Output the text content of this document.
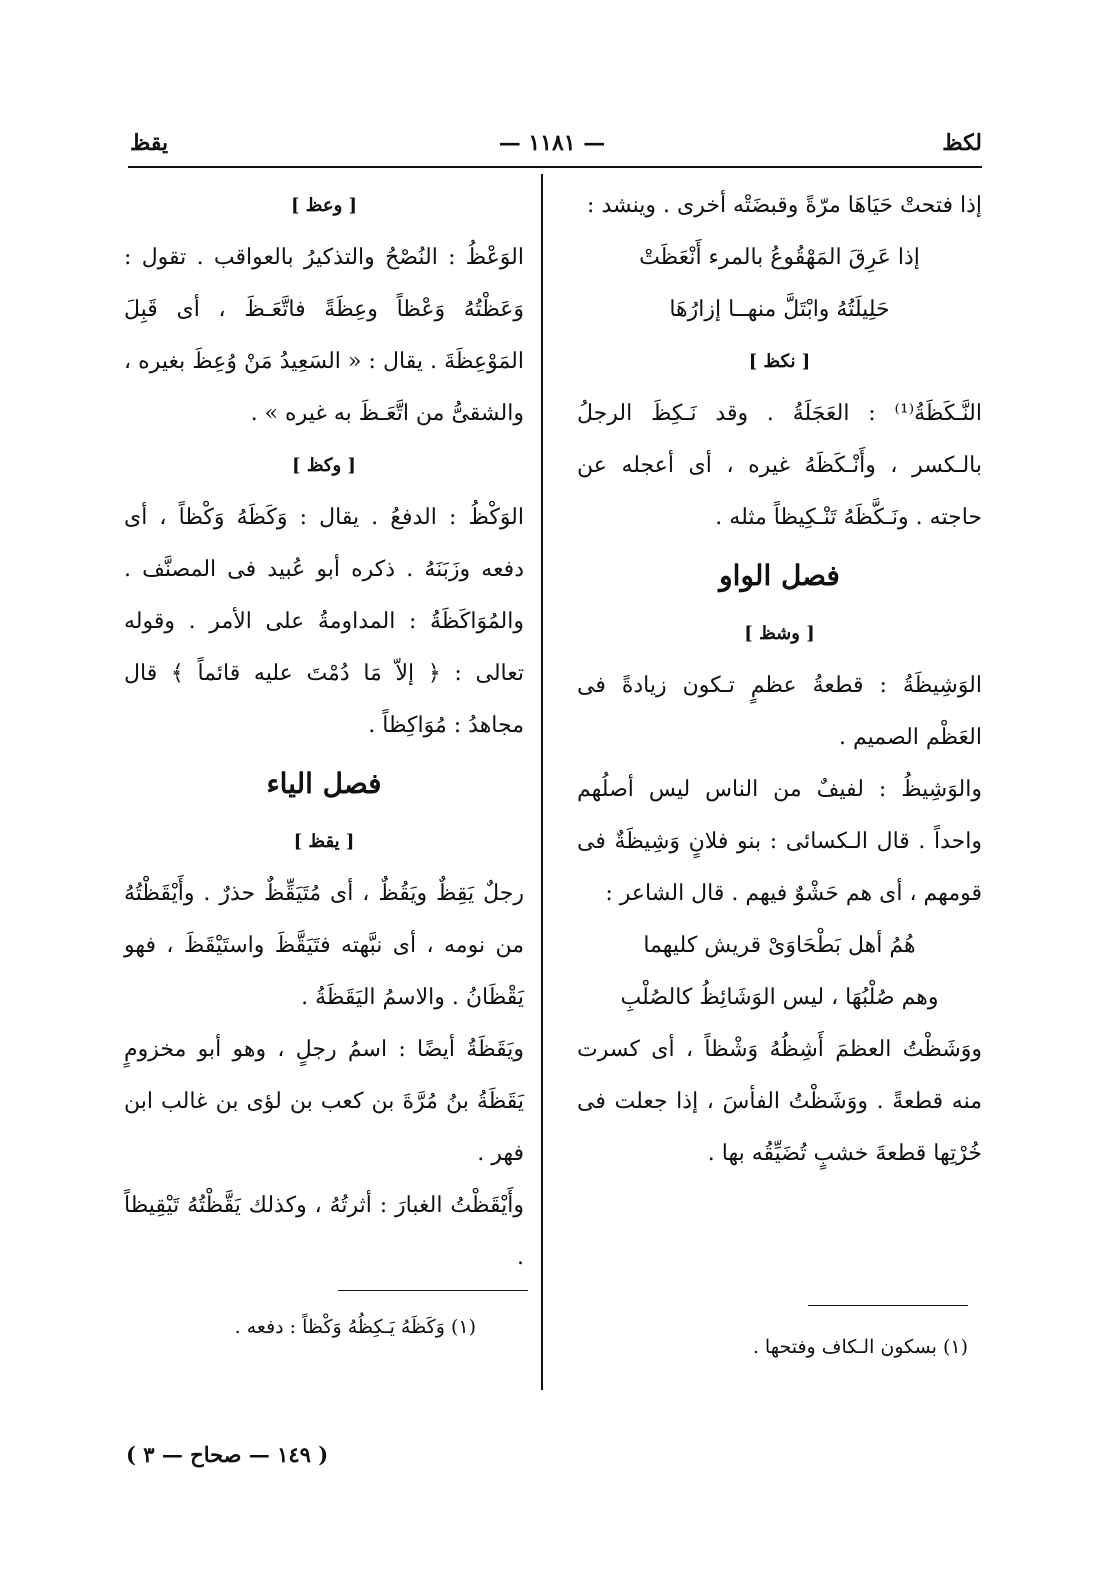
لكظ
— ١١٨١ —
يقظ

إذا فتحتْ حَيَاهَا مرّةً وقبضَتْه أخرى . وينشد :

إذا عَرِقَ المَهْقُوعُ بالمرء أَنْعَظَتْ

حَلِيلَتُهُ وابْتَلَّ منهــا إزارُهَا

[ نكظ ]

النَّـكَظَةُ⁽¹⁾ : العَجَلَةُ . وقد نَـكِظَ الرجلُ بالـكسر ، وأَنْـكَظَهُ غيره ، أى أعجله عن حاجته . ونَـكَّظَهُ تَنْـكِيظاً مثله .

فصل الواو

[ وشظ ]

الوَشِيظَةُ : قطعةُ عظمٍ تـكون زيادةً فى العَظْم الصميم .

والوَشِيظُ : لفيفٌ من الناس ليس أصلُهم واحداً . قال الـكسائى : بنو فلانٍ وَشِيظَةٌ فى قومهم ، أى هم حَشْوٌ فيهم . قال الشاعر :

هُمُ أهل بَطْحَاوَىْ قريش كليهما

وهم صُلْبُهَا ، ليس الوَشَائِظُ كالصُلْبِ

ووَشَظْتُ العظمَ أَشِظُهُ وَشْظاً ، أى كسرت منه قطعةً . ووَشَظْتُ الفأسَ ، إذا جعلت فى خُرْتِها قطعةَ خشبٍ تُضَيِّقُه بها .

[ وعظ ]

الوَعْظُ : النُصْحُ والتذكيرُ بالعواقب . تقول : وَعَظْتُهُ وَعْظاً وعِظَةً فاتَّعَـظَ ، أى قَبِلَ المَوْعِظَةَ . يقال : « السَعِيدُ مَنْ وُعِظَ بغيره ، والشقىُّ من اتَّعَـظَ به غيره » .

[ وكظ ]

الوَكْظُ : الدفعُ . يقال : وَكَظَهُ وَكْظاً ، أى دفعه وزَبَنَهُ . ذكره أبو عُبيد فى المصنَّف . والمُوَاكَظَةُ : المداومةُ على الأمر . وقوله تعالى : ﴿ إلاّ مَا دُمْتَ عليه قائماً ﴾ قال مجاهدُ : مُوَاكِظاً .

فصل الياء

[ يقظ ]

رجلٌ يَقِظٌ ويَقُظٌ ، أى مُتَيَقِّظٌ حذرٌ . وأَيْقَظْتُهُ من نومه ، أى نبَّهته فتَيَقَّظَ واستَيْقَظَ ، فهو يَقْظَانُ . والاسمُ اليَقَظَةُ .

ويَقَظَةُ أيضًا : اسمُ رجلٍ ، وهو أبو مخزومٍ يَقَظَةُ بنُ مُرَّةَ بن كعب بن لؤى بن غالب ابن فهر .

وأَيْقَظْتُ الغبارَ : أثرتُهُ ، وكذلك يَقَّظْتُهُ تَيْقِيظاً .

(١) بسكون الـكاف وفتحها .
(١) وَكَظَهُ يَـكِظُهُ وَكْظاً : دفعه .
( ١٤٩ — صحاح — ٣ )
